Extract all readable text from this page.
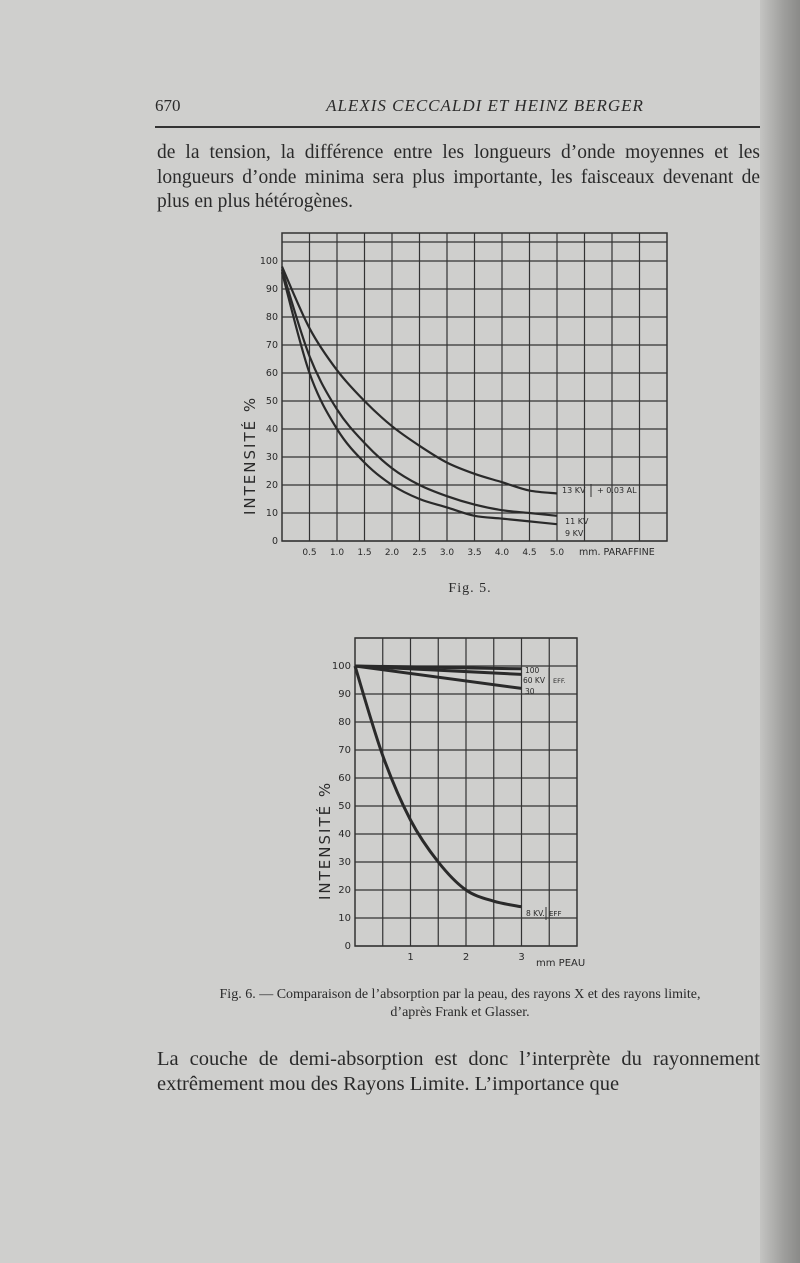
670	ALEXIS CECCALDI ET HEINZ BERGER

de la tension, la différence entre les longueurs d’onde moyennes et les longueurs d’onde minima sera plus importante, les faisceaux devenant de plus en plus hétérogènes.

0
10
20
30
40
50
60
70
80
90
100
0.5 1.0 1.5 2.0 2.5 3.0 3.5 4.0 4.5 5.0
INTENSITÉ %
mm. PARAFFINE
13 KV + 0.03 AL
11 KV
9 KV
Fig. 5.
0
10
20
30
40
50
60
70
80
90
100
1	2	3
INTENSITÉ %
mm PEAU
100
60 KV EFF.
30
8 KV. EFF
Fig. 6. — Comparaison de l’absorption par la peau, des rayons X et des rayons limite, d’après Frank et Glasser.

La couche de demi-absorption est donc l’interprète du rayonnement extrêmement mou des Rayons Limite. L’importance que
